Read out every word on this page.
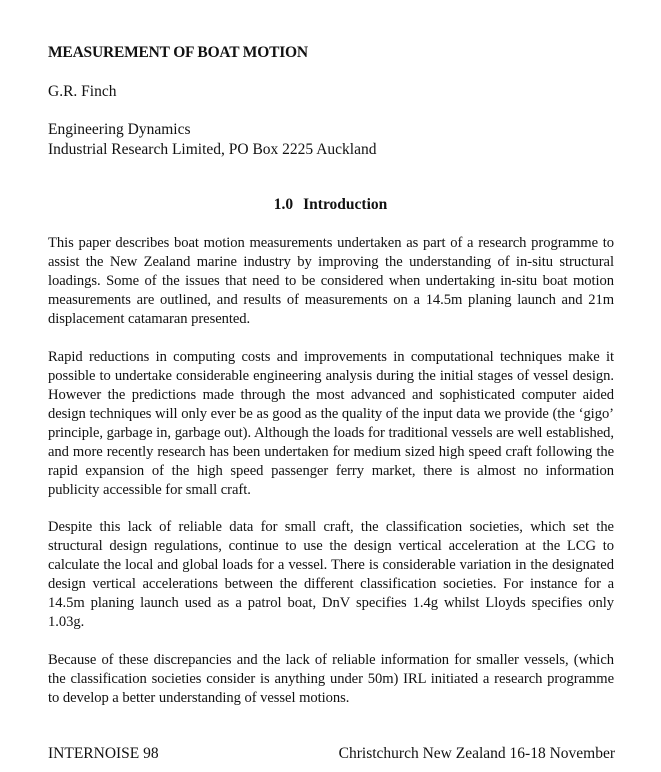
MEASUREMENT OF BOAT MOTION
G.R. Finch
Engineering Dynamics
Industrial Research Limited, PO Box 2225 Auckland
1.0 Introduction

This paper describes boat motion measurements undertaken as part of a research programme to assist the New Zealand marine industry by improving the understanding of in-situ structural loadings. Some of the issues that need to be considered when undertaking in-situ boat motion measurements are outlined, and results of measurements on a 14.5m planing launch and 21m displacement catamaran presented.

Rapid reductions in computing costs and improvements in computational techniques make it possible to undertake considerable engineering analysis during the initial stages of vessel design. However the predictions made through the most advanced and sophisticated computer aided design techniques will only ever be as good as the quality of the input data we provide (the ‘gigo’ principle, garbage in, garbage out). Although the loads for traditional vessels are well established, and more recently research has been undertaken for medium sized high speed craft following the rapid expansion of the high speed passenger ferry market, there is almost no information publicity accessible for small craft.

Despite this lack of reliable data for small craft, the classification societies, which set the structural design regulations, continue to use the design vertical acceleration at the LCG to calculate the local and global loads for a vessel. There is considerable variation in the designated design vertical accelerations between the different classification societies. For instance for a 14.5m planing launch used as a patrol boat, DnV specifies 1.4g whilst Lloyds specifies only 1.03g.

Because of these discrepancies and the lack of reliable information for smaller vessels, (which the classification societies consider is anything under 50m) IRL initiated a research programme to develop a better understanding of vessel motions.

INTERNOISE 98	Christchurch New Zealand 16-18 November
